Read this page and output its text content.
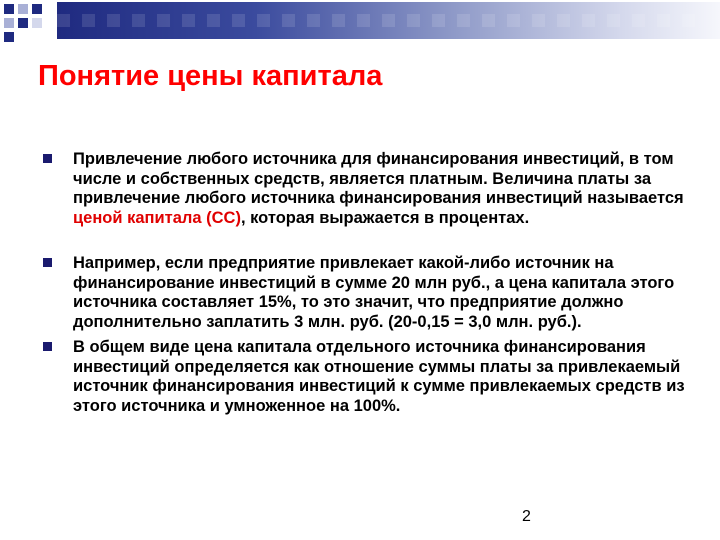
Понятие цены капитала
Привлечение любого источника для финансирования инвестиций, в том числе и собственных средств, является платным. Величина платы за привлечение любого источника финансирования инвестиций называется ценой капитала (СС), которая выражается в процентах.
Например, если предприятие привлекает какой-либо источник на финансирование инвестиций в сумме 20 млн руб., а цена капитала этого источника составляет 15%, то это значит, что предприятие должно дополнительно заплатить 3 млн. руб. (20-0,15 = 3,0 млн. руб.).
В общем виде цена капитала отдельного источника финансирования инвестиций определяется как отношение суммы платы за привлекаемый источник финансирования инвестиций к сумме привлекаемых средств из этого источника и умноженное на 100%.
2
